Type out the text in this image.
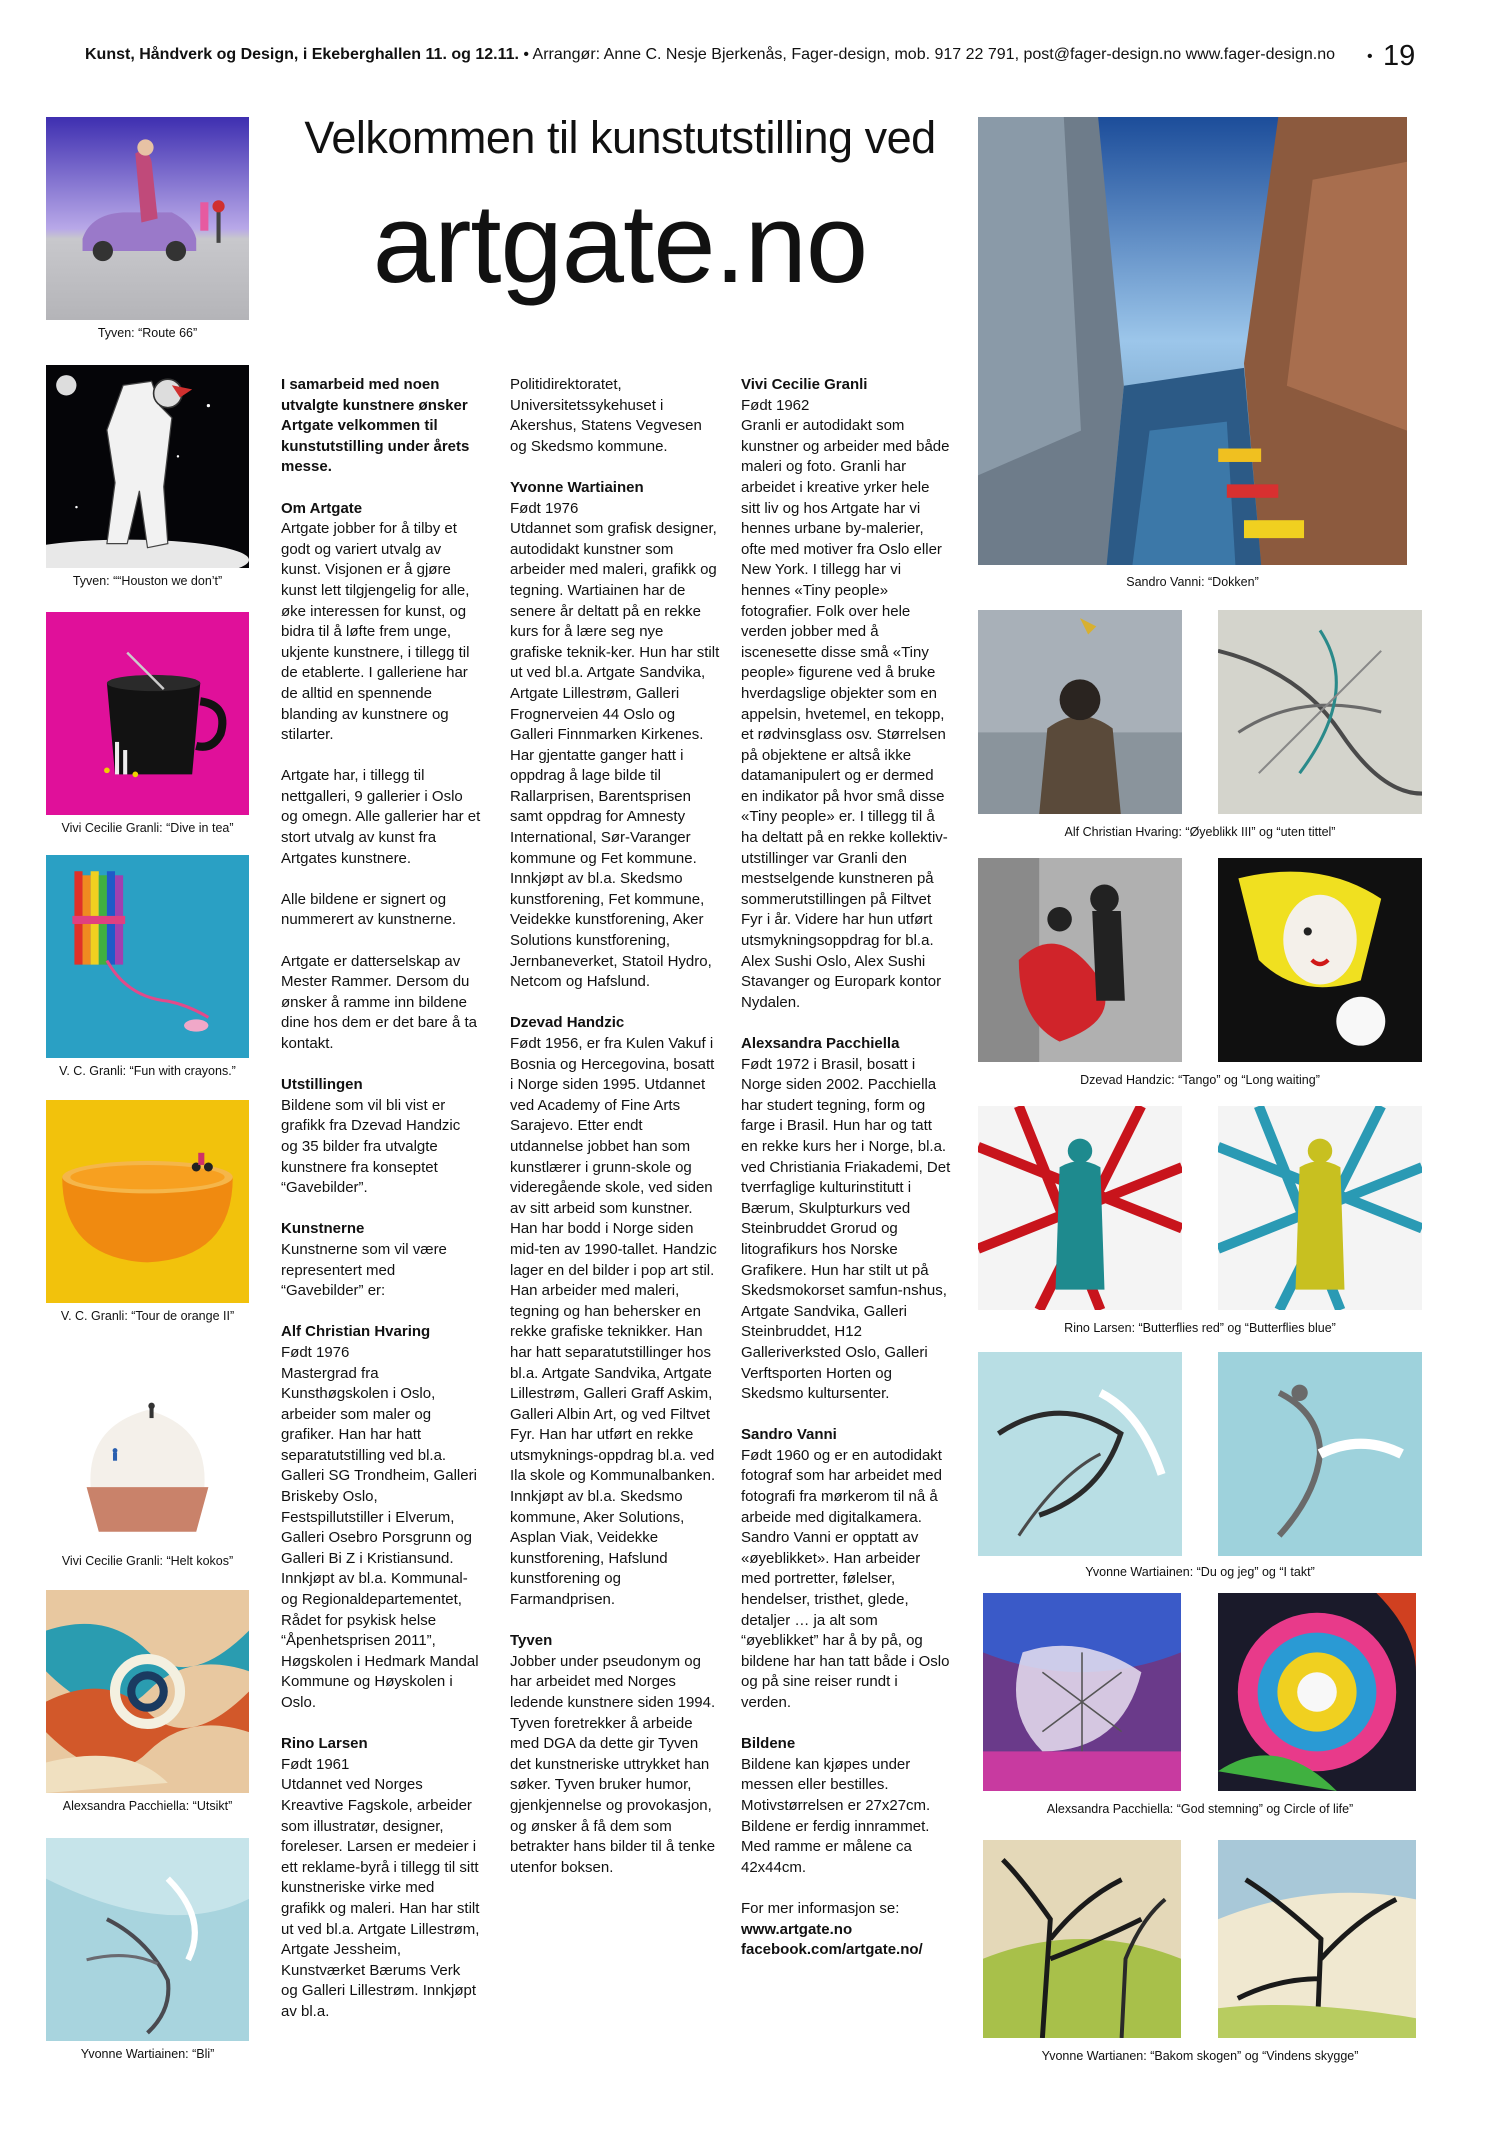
Kunst, Håndverk og Design, i Ekeberghallen 11. og 12.11. • Arrangør: Anne C. Nesje Bjerkenås, Fager-design, mob. 917 22 791, post@fager-design.no www.fager-design.no • 19
Velkommen til kunstutstilling ved
artgate.no
Tyven: “Route 66”
Tyven: ““Houston we don’t”
Vivi Cecilie Granli: “Dive in tea”
V. C. Granli: “Fun with crayons.”
V. C. Granli: “Tour de orange II”
Vivi Cecilie Granli: “Helt kokos”
Alexsandra Pacchiella: “Utsikt”
Yvonne Wartiainen: “Bli”
Sandro Vanni: “Dokken”
Alf Christian Hvaring: “Øyeblikk III” og “uten tittel”
Dzevad Handzic: “Tango” og “Long waiting”
Rino Larsen: “Butterflies red” og “Butterflies blue”
Yvonne Wartiainen: “Du og jeg” og “I takt”
Alexsandra Pacchiella: “God stemning” og Circle of life”
Yvonne Wartianen: “Bakom skogen” og “Vindens skygge”

I samarbeid med noen utvalgte kunstnere ønsker Artgate velkommen til kunstutstilling under årets messe.

Om Artgate
Artgate jobber for å tilby et godt og variert utvalg av kunst. Visjonen er å gjøre kunst lett tilgjengelig for alle, øke interessen for kunst, og bidra til å løfte frem unge, ukjente kunstnere, i tillegg til de etablerte. I galleriene har de alltid en spennende blanding av kunstnere og stilarter.

Artgate har, i tillegg til nettgalleri, 9 gallerier i Oslo og omegn. Alle gallerier har et stort utvalg av kunst fra Artgates kunstnere.

Alle bildene er signert og nummerert av kunstnerne.

Artgate er datterselskap av Mester Rammer. Dersom du ønsker å ramme inn bildene dine hos dem er det bare å ta kontakt.

Utstillingen
Bildene som vil bli vist er grafikk fra Dzevad Handzic og 35 bilder fra utvalgte kunstnere fra konseptet “Gavebilder”.

Kunstnerne
Kunstnerne som vil være representert med “Gavebilder” er:

Alf Christian Hvaring
Født 1976
Mastergrad fra Kunsthøgskolen i Oslo, arbeider som maler og grafiker. Han har hatt separatutstilling ved bl.a. Galleri SG Trondheim, Galleri Briskeby Oslo, Festspillutstiller i Elverum, Galleri Osebro Porsgrunn og Galleri Bi Z i Kristiansund. Innkjøpt av bl.a. Kommunal- og Regionaldepartementet, Rådet for psykisk helse “Åpenhetsprisen 2011”, Høgskolen i Hedmark Mandal Kommune og Høyskolen i Oslo.

Rino Larsen
Født 1961
Utdannet ved Norges Kreavtive Fagskole, arbeider som illustratør, designer, foreleser. Larsen er medeier i ett reklame-byrå i tillegg til sitt kunstneriske virke med grafikk og maleri. Han har stilt ut ved bl.a. Artgate Lillestrøm, Artgate Jessheim, Kunstværket Bærums Verk og Galleri Lillestrøm. Innkjøpt av bl.a.

Politidirektoratet, Universitetssykehuset i Akershus, Statens Vegvesen og Skedsmo kommune.

Yvonne Wartiainen
Født 1976
Utdannet som grafisk designer, autodidakt kunstner som arbeider med maleri, grafikk og tegning. Wartiainen har de senere år deltatt på en rekke kurs for å lære seg nye grafiske teknik-ker. Hun har stilt ut ved bl.a. Artgate Sandvika, Artgate Lillestrøm, Galleri Frognerveien 44 Oslo og Galleri Finnmarken Kirkenes. Har gjentatte ganger hatt i oppdrag å lage bilde til Rallarprisen, Barentsprisen samt oppdrag for Amnesty International, Sør-Varanger kommune og Fet kommune. Innkjøpt av bl.a. Skedsmo kunstforening, Fet kommune, Veidekke kunstforening, Aker Solutions kunstforening, Jernbaneverket, Statoil Hydro, Netcom og Hafslund.

Dzevad Handzic
Født 1956, er fra Kulen Vakuf i Bosnia og Hercegovina, bosatt i Norge siden 1995. Utdannet ved Academy of Fine Arts Sarajevo. Etter endt utdannelse jobbet han som kunstlærer i grunn-skole og videregående skole, ved siden av sitt arbeid som kunstner. Han har bodd i Norge siden mid-ten av 1990-tallet. Handzic lager en del bilder i pop art stil. Han arbeider med maleri, tegning og han behersker en rekke grafiske teknikker. Han har hatt separatutstillinger hos bl.a. Artgate Sandvika, Artgate Lillestrøm, Galleri Graff Askim, Galleri Albin Art, og ved Filtvet Fyr. Han har utført en rekke utsmyknings-oppdrag bl.a. ved Ila skole og Kommunalbanken. Innkjøpt av bl.a. Skedsmo kommune, Aker Solutions, Asplan Viak, Veidekke kunstforening, Hafslund kunstforening og Farmandprisen.

Tyven
Jobber under pseudonym og har arbeidet med Norges ledende kunstnere siden 1994. Tyven foretrekker å arbeide med DGA da dette gir Tyven det kunstneriske uttrykket han søker. Tyven bruker humor, gjenkjennelse og provokasjon, og ønsker å få dem som betrakter hans bilder til å tenke utenfor boksen.

Vivi Cecilie Granli
Født 1962
Granli er autodidakt som kunstner og arbeider med både maleri og foto. Granli har arbeidet i kreative yrker hele sitt liv og hos Artgate har vi hennes urbane by-malerier, ofte med motiver fra Oslo eller New York. I tillegg har vi hennes «Tiny people» fotografier. Folk over hele verden jobber med å iscenesette disse små «Tiny people» figurene ved å bruke hverdagslige objekter som en appelsin, hvetemel, en tekopp, et rødvinsglass osv. Størrelsen på objektene er altså ikke datamanipulert og er dermed en indikator på hvor små disse «Tiny people» er. I tillegg til å ha deltatt på en rekke kollektiv-utstillinger var Granli den mestselgende kunstneren på sommerutstillingen på Filtvet Fyr i år. Videre har hun utført utsmykningsoppdrag for bl.a. Alex Sushi Oslo, Alex Sushi Stavanger og Europark kontor Nydalen.

Alexsandra Pacchiella
Født 1972 i Brasil, bosatt i Norge siden 2002. Pacchiella har studert tegning, form og farge i Brasil. Hun har og tatt en rekke kurs her i Norge, bl.a. ved Christiania Friakademi, Det tverrfaglige kulturinstitutt i Bærum, Skulpturkurs ved Steinbruddet Grorud og litografikurs hos Norske Grafikere. Hun har stilt ut på Skedsmokorset samfun-nshus, Artgate Sandvika, Galleri Steinbruddet, H12 Galleriverksted Oslo, Galleri Verftsporten Horten og Skedsmo kultursenter.

Sandro Vanni
Født 1960 og er en autodidakt fotograf som har arbeidet med fotografi fra mørkerom til nå å arbeide med digitalkamera. Sandro Vanni er opptatt av «øyeblikket». Han arbeider med portretter, følelser, hendelser, tristhet, glede, detaljer … ja alt som “øyeblikket” har å by på, og bildene har han tatt både i Oslo og på sine reiser rundt i verden.

Bildene
Bildene kan kjøpes under messen eller bestilles. Motivstørrelsen er 27x27cm. Bildene er ferdig innrammet. Med ramme er målene ca 42x44cm.

For mer informasjon se:
www.artgate.no
facebook.com/artgate.no/
